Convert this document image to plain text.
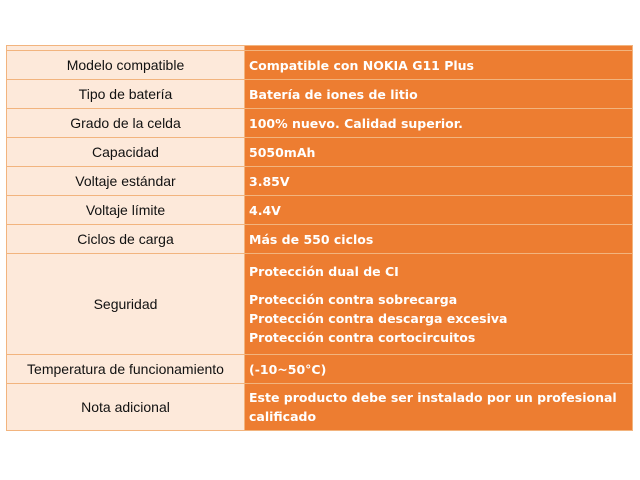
Modelo compatible	Compatible con NOKIA G11 Plus
Tipo de batería	Batería de iones de litio
Grado de la celda	100% nuevo. Calidad superior.
Capacidad	5050mAh
Voltaje estándar	3.85V
Voltaje límite	4.4V
Ciclos de carga	Más de 550 ciclos
Seguridad	Protección dual de CI
Protección contra sobrecarga
Protección contra descarga excesiva
Protección contra cortocircuitos

Temperatura de funcionamiento	(-10~50°C)
Nota adicional	Este producto debe ser instalado por un profesional calificado
